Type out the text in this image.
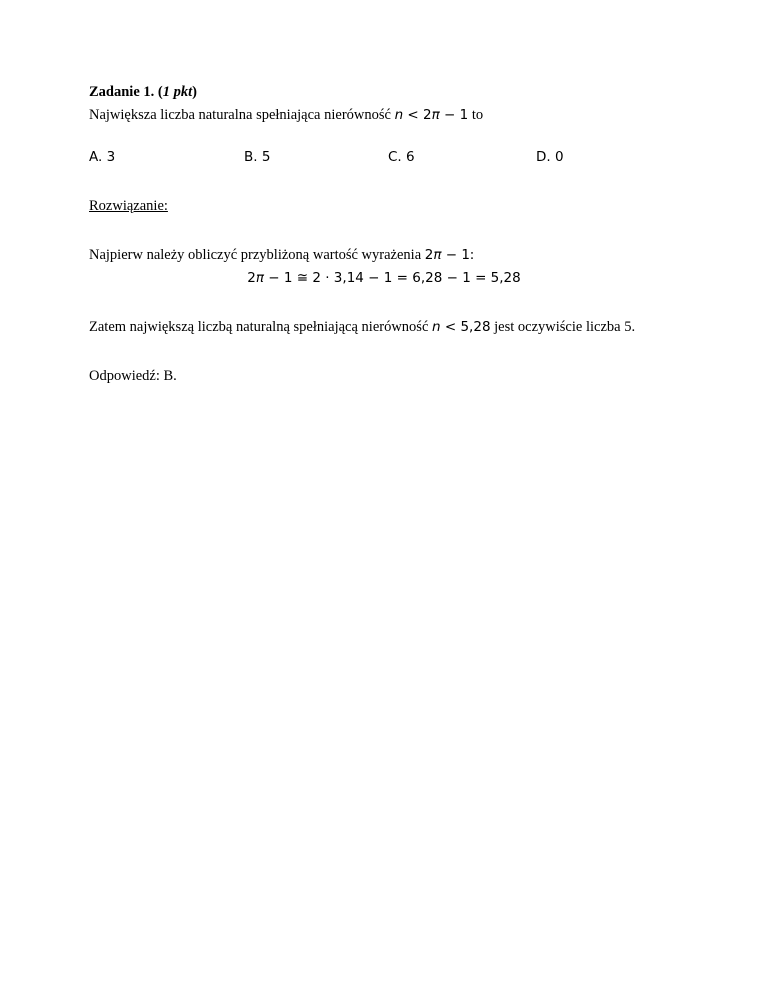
Zadanie 1. (1 pkt)
Największa liczba naturalna spełniająca nierówność n < 2π − 1 to
A. 3	B. 5	C. 6	D. 0
Rozwiązanie:
Najpierw należy obliczyć przybliżoną wartość wyrażenia 2π − 1:
2π − 1 ≅ 2 · 3,14 − 1 = 6,28 − 1 = 5,28
Zatem największą liczbą naturalną spełniającą nierówność n < 5,28 jest oczywiście liczba 5.
Odpowiedź: B.
